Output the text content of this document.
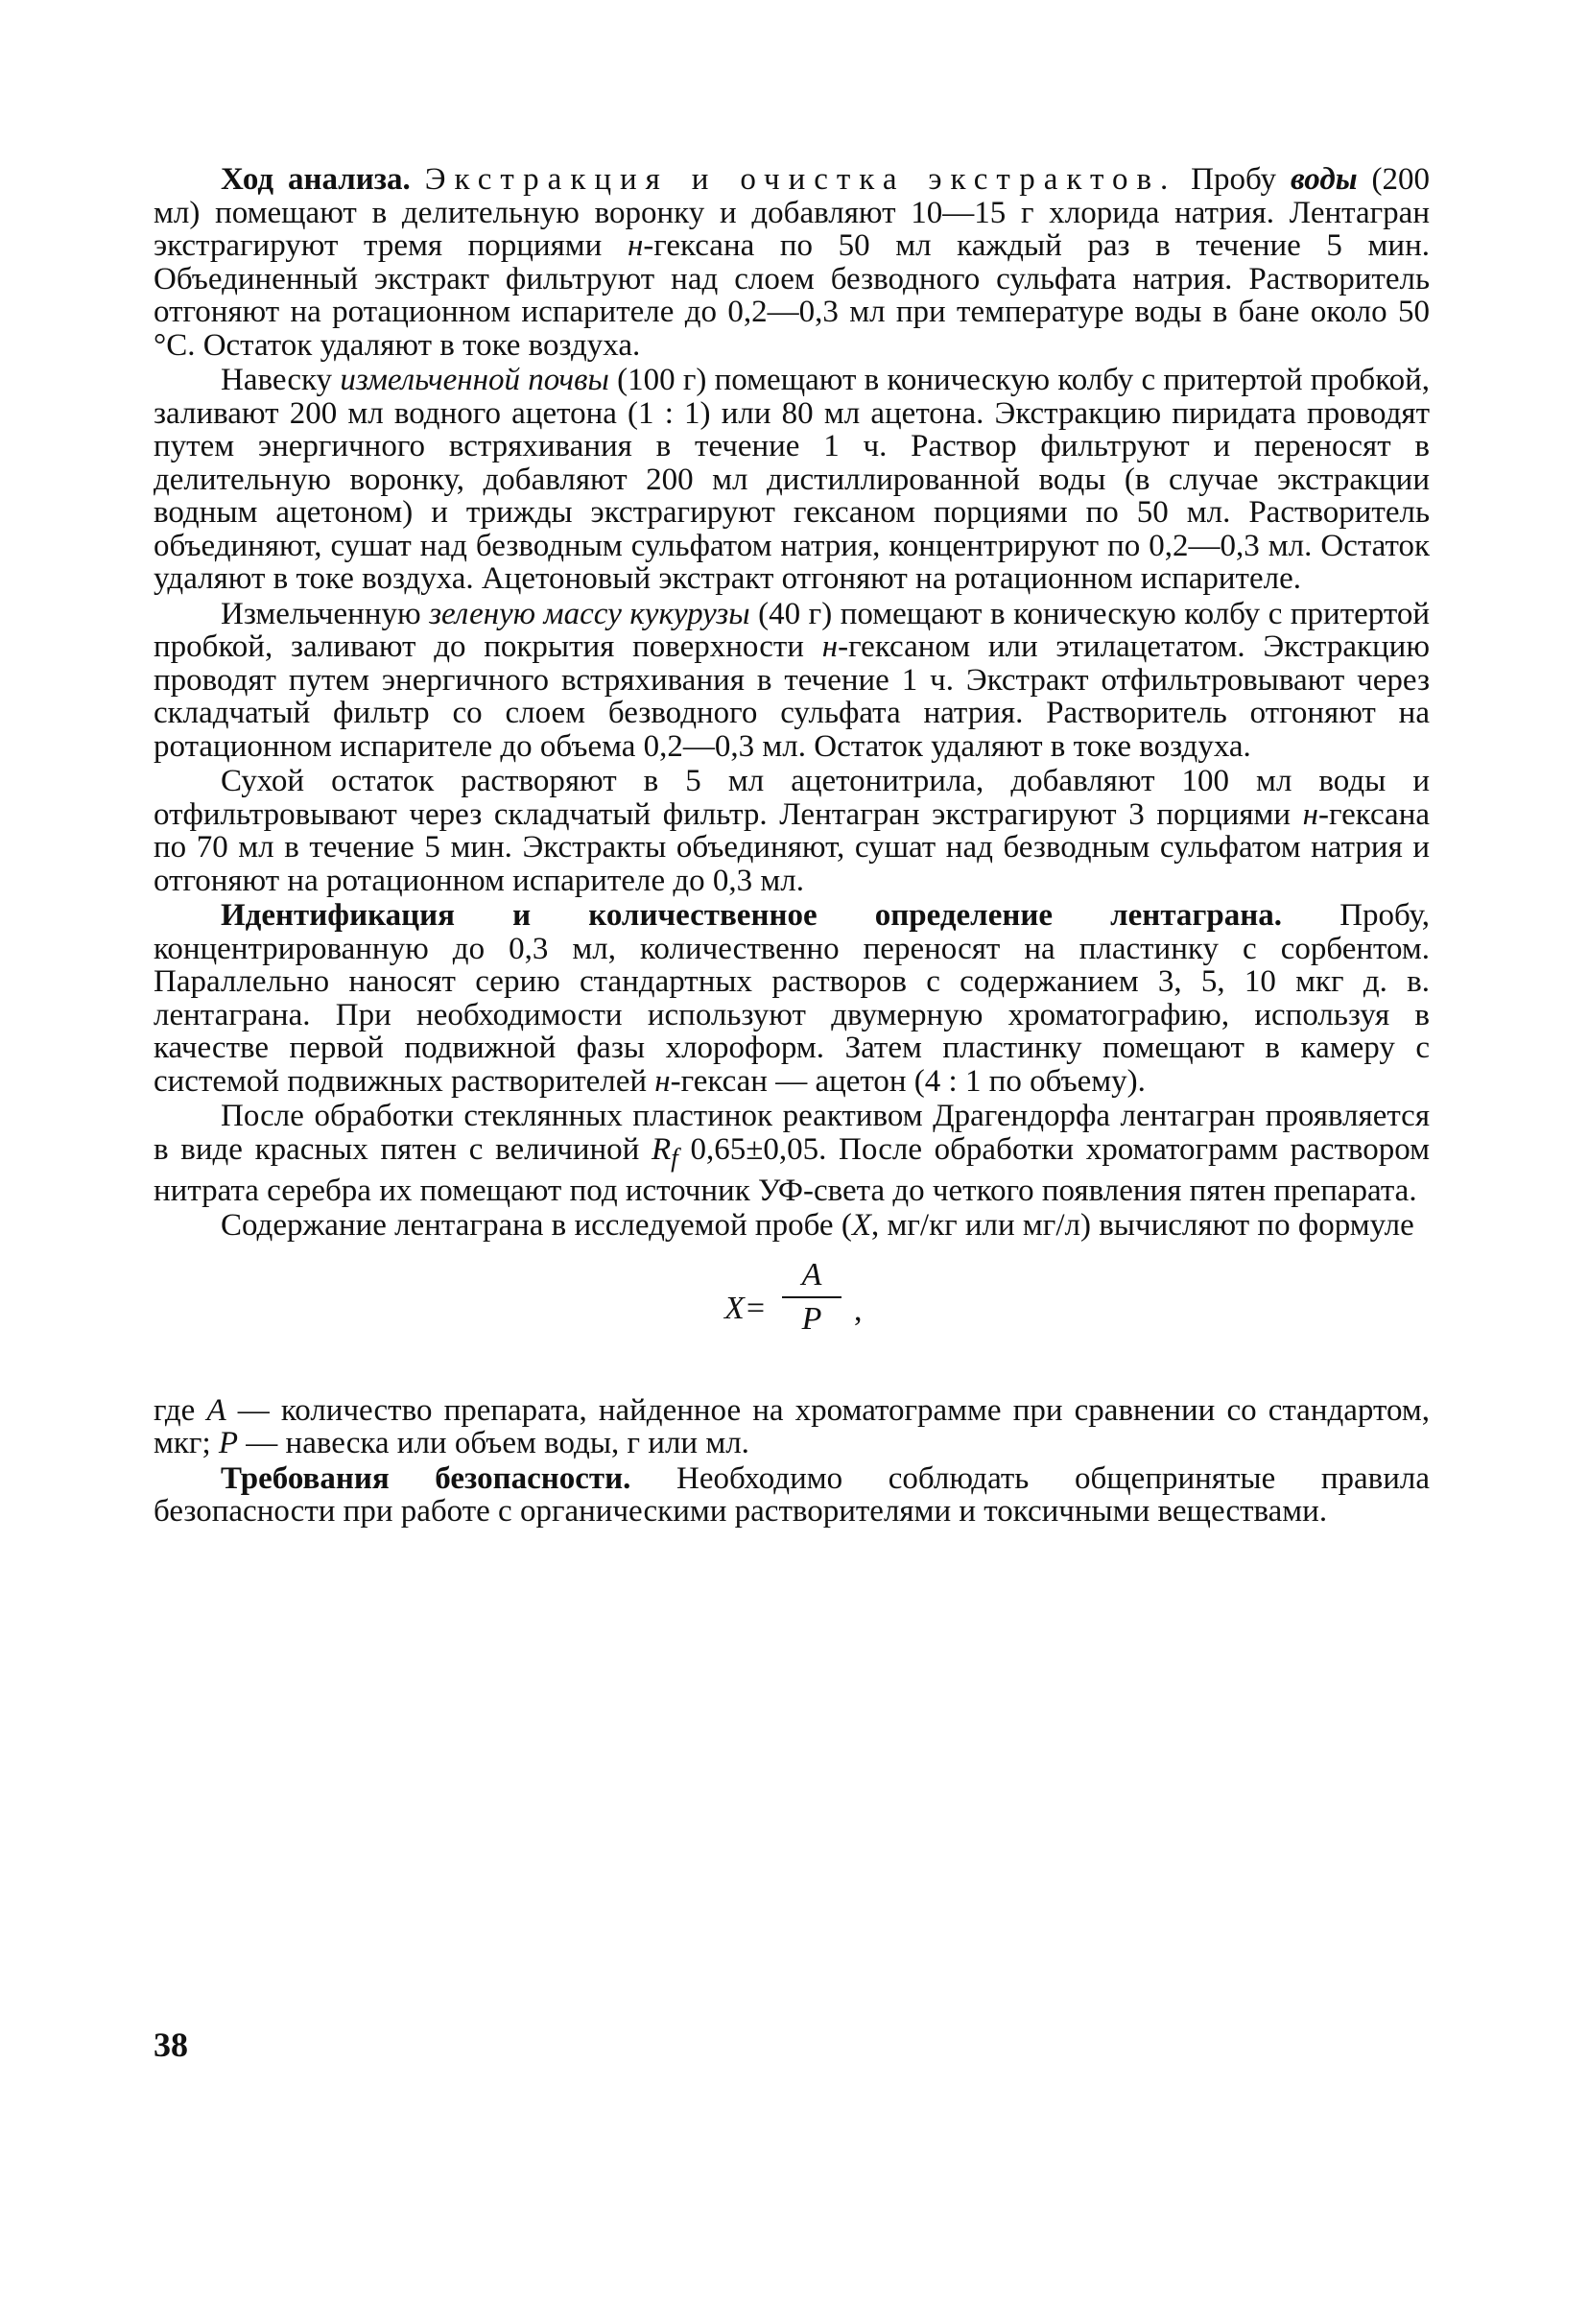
Ход анализа. Экстракция и очистка экстрактов. Пробу воды (200 мл) помещают в делительную воронку и добавляют 10—15 г хлорида натрия. Лентагран экстрагируют тремя порциями н-гексана по 50 мл каждый раз в течение 5 мин. Объединенный экстракт фильтруют над слоем безводного сульфата натрия. Растворитель отгоняют на ротационном испарителе до 0,2—0,3 мл при температуре воды в бане около 50 °C. Остаток удаляют в токе воздуха.

Навеску измельченной почвы (100 г) помещают в коническую колбу с притертой пробкой, заливают 200 мл водного ацетона (1 : 1) или 80 мл ацетона. Экстракцию пиридата проводят путем энергичного встряхивания в течение 1 ч. Раствор фильтруют и переносят в делительную воронку, добавляют 200 мл дистиллированной воды (в случае экстракции водным ацетоном) и трижды экстрагируют гексаном порциями по 50 мл. Растворитель объединяют, сушат над безводным сульфатом натрия, концентрируют по 0,2—0,3 мл. Остаток удаляют в токе воздуха. Ацетоновый экстракт отгоняют на ротационном испарителе.

Измельченную зеленую массу кукурузы (40 г) помещают в коническую колбу с притертой пробкой, заливают до покрытия поверхности н-гексаном или этилацетатом. Экстракцию проводят путем энергичного встряхивания в течение 1 ч. Экстракт отфильтровывают через складчатый фильтр со слоем безводного сульфата натрия. Растворитель отгоняют на ротационном испарителе до объема 0,2—0,3 мл. Остаток удаляют в токе воздуха.

Сухой остаток растворяют в 5 мл ацетонитрила, добавляют 100 мл воды и отфильтровывают через складчатый фильтр. Лентагран экстрагируют 3 порциями н-гексана по 70 мл в течение 5 мин. Экстракты объединяют, сушат над безводным сульфатом натрия и отгоняют на ротационном испарителе до 0,3 мл.

Идентификация и количественное определение лентаграна. Пробу, концентрированную до 0,3 мл, количественно переносят на пластинку с сорбентом. Параллельно наносят серию стандартных растворов с содержанием 3, 5, 10 мкг д. в. лентаграна. При необходимости используют двумерную хроматографию, используя в качестве первой подвижной фазы хлороформ. Затем пластинку помещают в камеру с системой подвижных растворителей н-гексан — ацетон (4 : 1 по объему).

После обработки стеклянных пластинок реактивом Драгендорфа лентагран проявляется в виде красных пятен с величиной $R_f$ 0,65±0,05. После обработки хроматограмм раствором нитрата серебра их помещают под источник УФ-света до четкого появления пятен препарата.

Содержание лентаграна в исследуемой пробе (X, мг/кг или мг/л) вычисляют по формуле

X=
A
P ,

где A — количество препарата, найденное на хроматограмме при сравнении со стандартом, мкг; P — навеска или объем воды, г или мл.

Требования безопасности. Необходимо соблюдать общепринятые правила безопасности при работе с органическими растворителями и токсичными веществами.

38
